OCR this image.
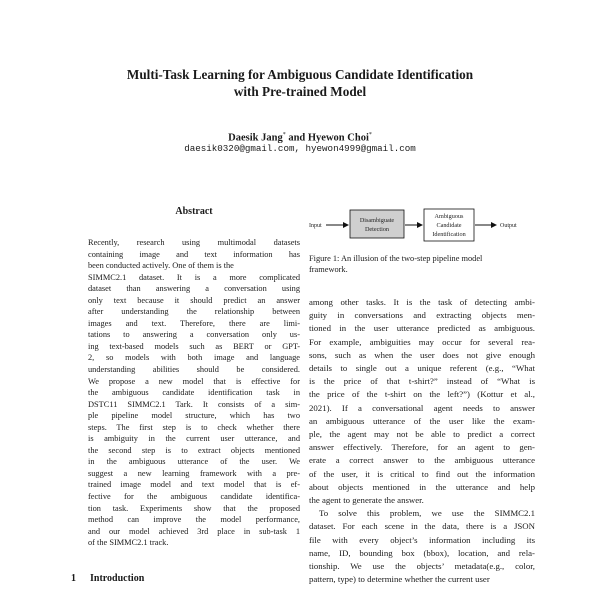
Multi-Task Learning for Ambiguous Candidate Identification
with Pre-trained Model
Daesik Jang* and Hyewon Choi*
daesik0320@gmail.com, hyewon4999@gmail.com
Abstract
Recently, research using multimodal datasets
containing image and text information has
been conducted actively. One of them is the
SIMMC2.1 dataset. It is a more complicated
dataset than answering a conversation using
only text because it should predict an answer
after understanding the relationship between
images and text. Therefore, there are limi-
tations to answering a conversation only us-
ing text-based models such as BERT or GPT-
2, so models with both image and language
understanding abilities should be considered.
We propose a new model that is effective for
the ambiguous candidate identification task in
DSTC11 SIMMC2.1 Tark. It consists of a sim-
ple pipeline model structure, which has two
steps. The first step is to check whether there
is ambiguity in the current user utterance, and
the second step is to extract objects mentioned
in the ambiguous utterance of the user. We
suggest a new learning framework with a pre-
trained image model and text model that is ef-
fective for the ambiguous candidate identifica-
tion task. Experiments show that the proposed
method can improve the model performance,
and our model achieved 3rd place in sub-task 1
of the SIMMC2.1 track.
1 Introduction
Input
Disambiguate
Detection
Ambiguous
Candidate
Identification
Output
Figure 1: An illusion of the two-step pipeline model
framework.
among other tasks. It is the task of detecting ambi-
guity in conversations and extracting objects men-
tioned in the user utterance predicted as ambiguous.
For example, ambiguities may occur for several rea-
sons, such as when the user does not give enough
details to single out a unique referent (e.g., “What
is the price of that t-shirt?” instead of “What is
the price of the t-shirt on the left?”) (Kottur et al.,
2021). If a conversational agent needs to answer
an ambiguous utterance of the user like the exam-
ple, the agent may not be able to predict a correct
answer effectively. Therefore, for an agent to gen-
erate a correct answer to the ambiguous utterance
of the user, it is critical to find out the information
about objects mentioned in the utterance and help
the agent to generate the answer.
To solve this problem, we use the SIMMC2.1
dataset. For each scene in the data, there is a JSON
file with every object’s information including its
name, ID, bounding box (bbox), location, and rela-
tionship. We use the objects’ metadata(e.g., color,
pattern, type) to determine whether the current user
